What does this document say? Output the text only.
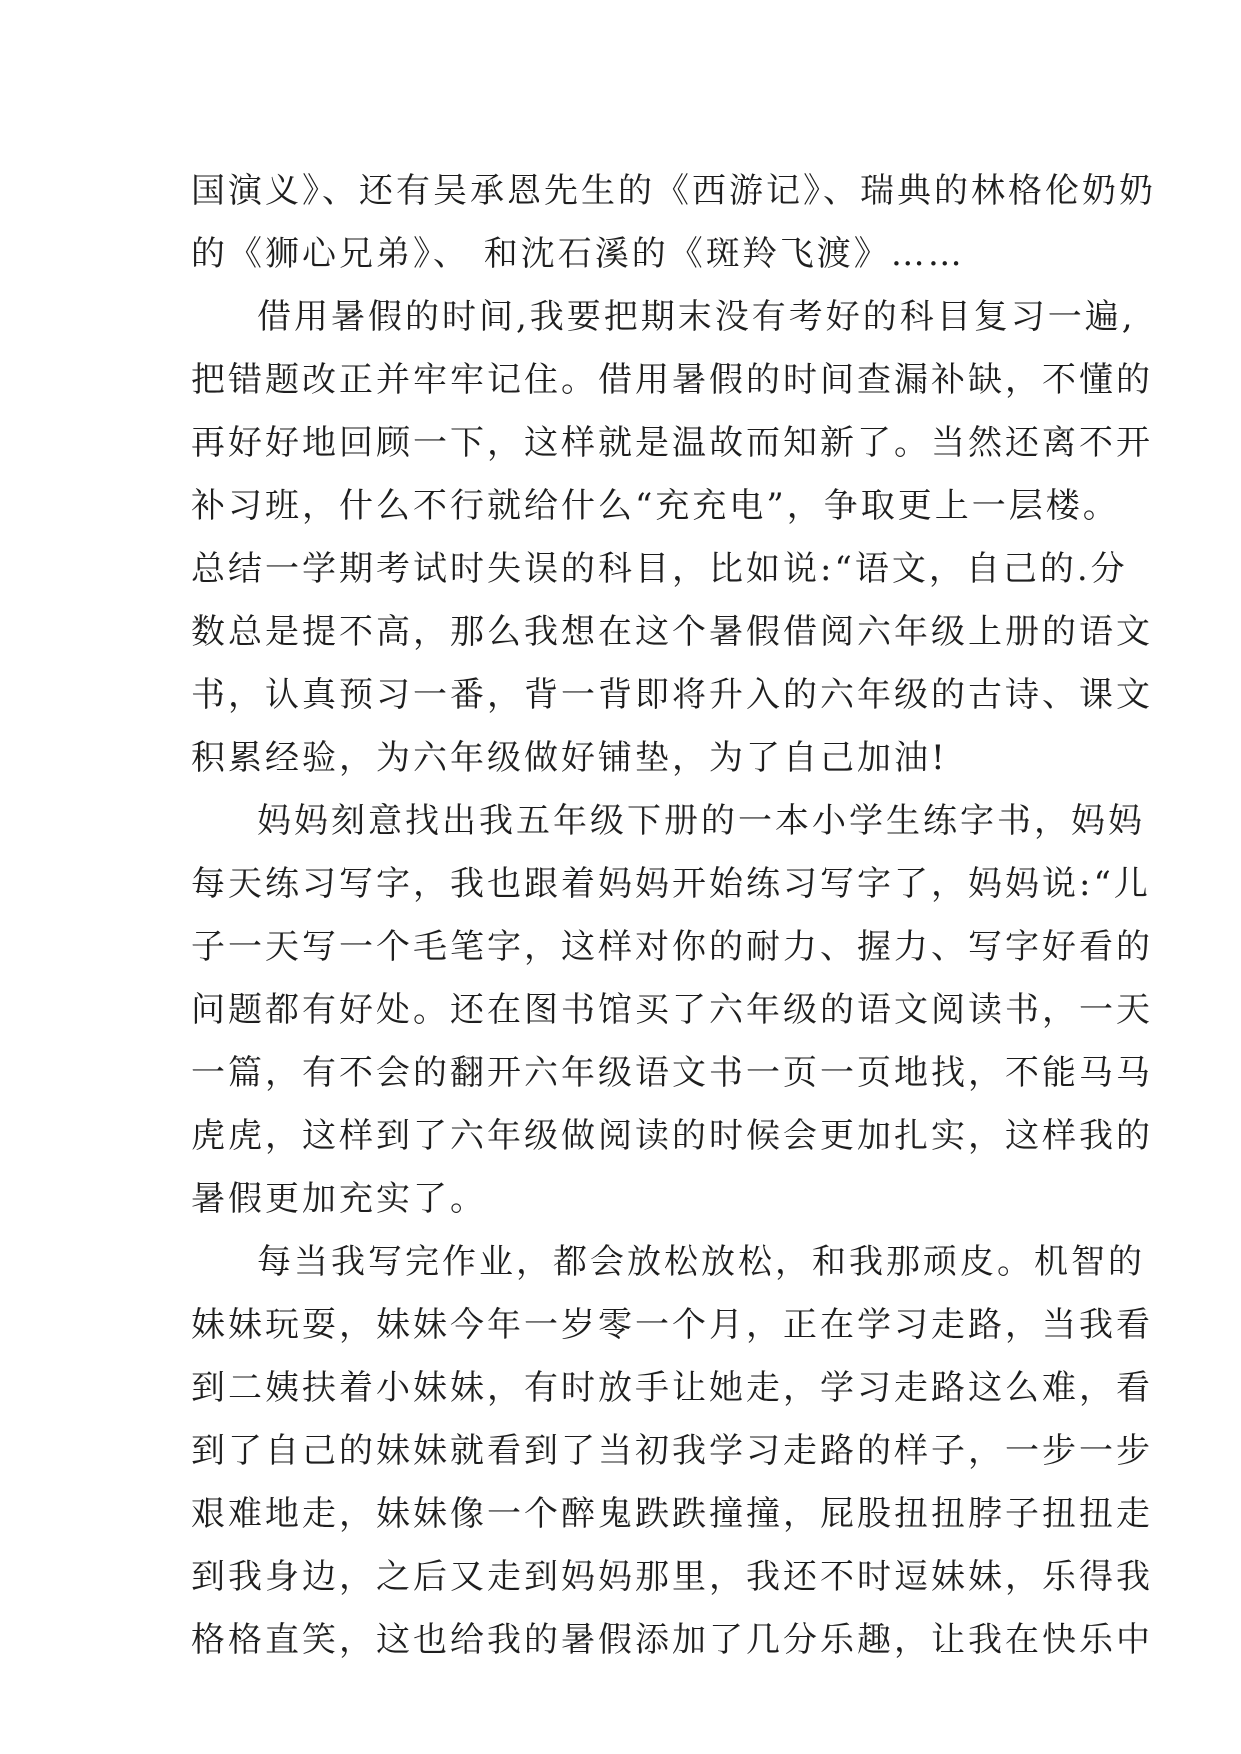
国演义》、还有吴承恩先生的《西游记》、瑞典的林格伦奶奶
的《狮心兄弟》、 和沈石溪的《斑羚飞渡》……
借用暑假的时间,我要把期末没有考好的科目复习一遍,
把错题改正并牢牢记住。借用暑假的时间查漏补缺，不懂的
再好好地回顾一下，这样就是温故而知新了。当然还离不开
补习班，什么不行就给什么“充充电”，争取更上一层楼。
总结一学期考试时失误的科目，比如说:“语文，自己的.分
数总是提不高，那么我想在这个暑假借阅六年级上册的语文
书，认真预习一番，背一背即将升入的六年级的古诗、课文
积累经验，为六年级做好铺垫，为了自己加油!
妈妈刻意找出我五年级下册的一本小学生练字书，妈妈
每天练习写字，我也跟着妈妈开始练习写字了，妈妈说:“儿
子一天写一个毛笔字，这样对你的耐力、握力、写字好看的
问题都有好处。还在图书馆买了六年级的语文阅读书，一天
一篇，有不会的翻开六年级语文书一页一页地找，不能马马
虎虎，这样到了六年级做阅读的时候会更加扎实，这样我的
暑假更加充实了。
每当我写完作业，都会放松放松，和我那顽皮。机智的
妹妹玩耍，妹妹今年一岁零一个月，正在学习走路，当我看
到二姨扶着小妹妹，有时放手让她走，学习走路这么难，看
到了自己的妹妹就看到了当初我学习走路的样子，一步一步
艰难地走，妹妹像一个醉鬼跌跌撞撞，屁股扭扭脖子扭扭走
到我身边，之后又走到妈妈那里，我还不时逗妹妹，乐得我
格格直笑，这也给我的暑假添加了几分乐趣，让我在快乐中
